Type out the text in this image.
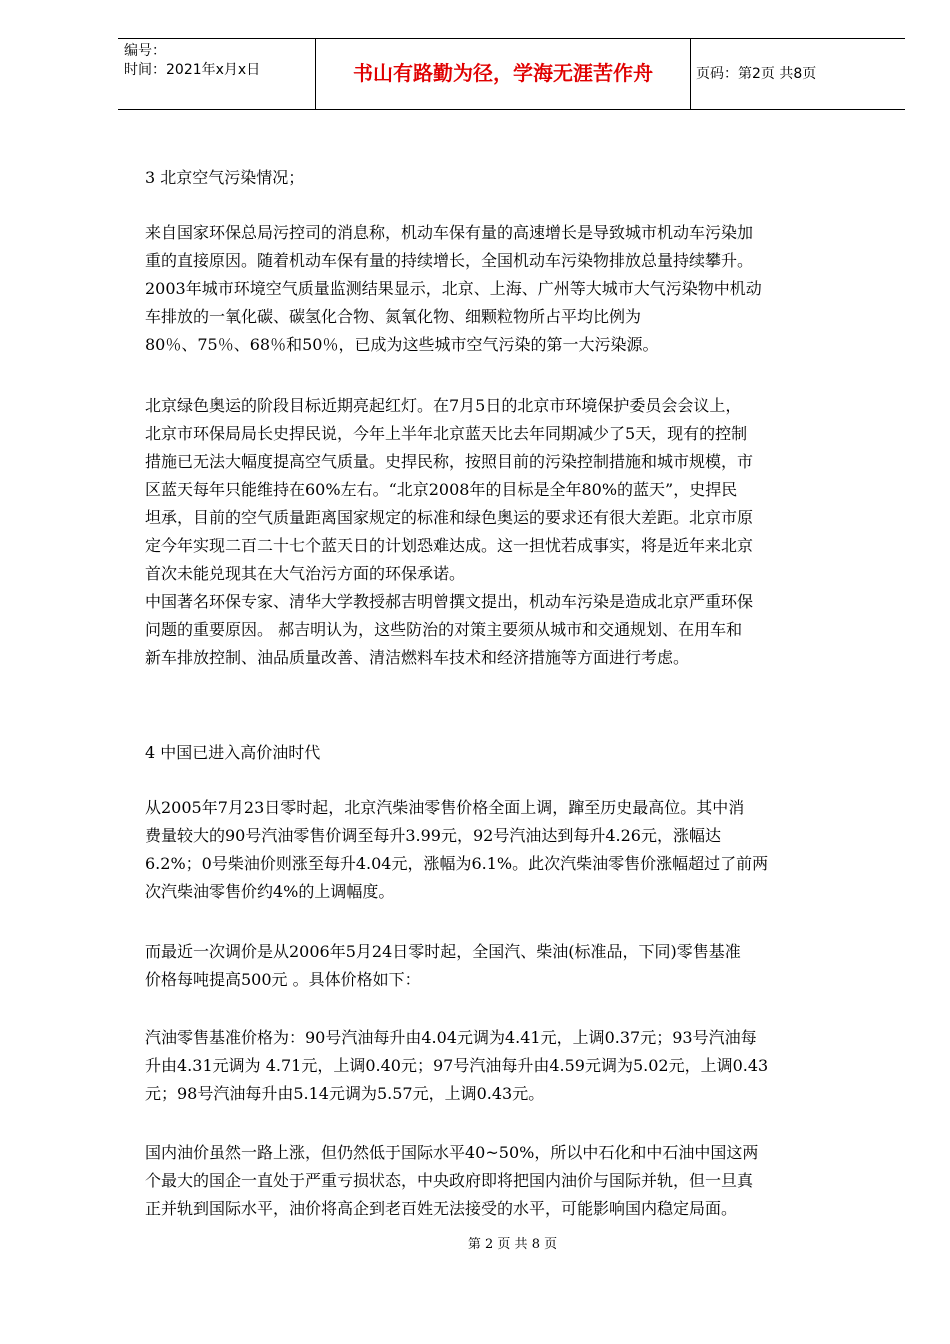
编号：
时间：2021年x月x日	书山有路勤为径，学海无涯苦作舟	页码：第2页 共8页
3 北京空气污染情况；

来自国家环保总局污控司的消息称，机动车保有量的高速增长是导致城市机动车污染加
重的直接原因。随着机动车保有量的持续增长，全国机动车污染物排放总量持续攀升。
2003年城市环境空气质量监测结果显示，北京、上海、广州等大城市大气污染物中机动
车排放的一氧化碳、碳氢化合物、氮氧化物、细颗粒物所占平均比例为
80％、75％、68％和50％，已成为这些城市空气污染的第一大污染源。

北京绿色奥运的阶段目标近期亮起红灯。在7月5日的北京市环境保护委员会会议上，
北京市环保局局长史捍民说，今年上半年北京蓝天比去年同期减少了5天，现有的控制
措施已无法大幅度提高空气质量。史捍民称，按照目前的污染控制措施和城市规模，市
区蓝天每年只能维持在60%左右。“北京2008年的目标是全年80%的蓝天”，史捍民
坦承，目前的空气质量距离国家规定的标准和绿色奥运的要求还有很大差距。北京市原
定今年实现二百二十七个蓝天日的计划恐难达成。这一担忧若成事实，将是近年来北京
首次未能兑现其在大气治污方面的环保承诺。
中国著名环保专家、清华大学教授郝吉明曾撰文提出，机动车污染是造成北京严重环保
问题的重要原因。 郝吉明认为，这些防治的对策主要须从城市和交通规划、在用车和
新车排放控制、油品质量改善、清洁燃料车技术和经济措施等方面进行考虑。

4 中国已进入高价油时代

从2005年7月23日零时起，北京汽柴油零售价格全面上调，蹿至历史最高位。其中消
费量较大的90号汽油零售价调至每升3.99元，92号汽油达到每升4.26元，涨幅达
6.2%；0号柴油价则涨至每升4.04元，涨幅为6.1%。此次汽柴油零售价涨幅超过了前两
次汽柴油零售价约4%的上调幅度。

而最近一次调价是从2006年5月24日零时起，全国汽、柴油(标准品，下同)零售基准
价格每吨提高500元 。具体价格如下：

汽油零售基准价格为：90号汽油每升由4.04元调为4.41元，上调0.37元；93号汽油每
升由4.31元调为 4.71元，上调0.40元；97号汽油每升由4.59元调为5.02元，上调0.43
元；98号汽油每升由5.14元调为5.57元，上调0.43元。

国内油价虽然一路上涨，但仍然低于国际水平40~50%，所以中石化和中石油中国这两
个最大的国企一直处于严重亏损状态，中央政府即将把国内油价与国际并轨，但一旦真
正并轨到国际水平，油价将高企到老百姓无法接受的水平，可能影响国内稳定局面。

第 2 页 共 8 页
